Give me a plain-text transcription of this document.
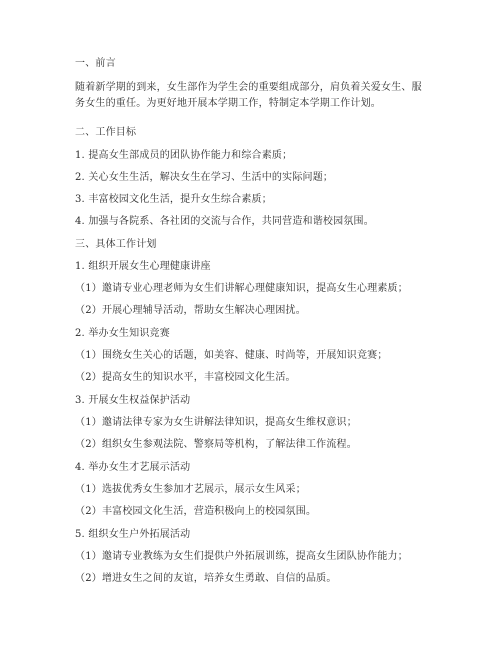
一、前言
随着新学期的到来，女生部作为学生会的重要组成部分，肩负着关爱女生、服务女生的重任。为更好地开展本学期工作，特制定本学期工作计划。
二、工作目标
1. 提高女生部成员的团队协作能力和综合素质；
2. 关心女生生活，解决女生在学习、生活中的实际问题；
3. 丰富校园文化生活，提升女生综合素质；
4. 加强与各院系、各社团的交流与合作，共同营造和谐校园氛围。
三、具体工作计划
1. 组织开展女生心理健康讲座
（1）邀请专业心理老师为女生们讲解心理健康知识，提高女生心理素质；
（2）开展心理辅导活动，帮助女生解决心理困扰。
2. 举办女生知识竞赛
（1）围绕女生关心的话题，如美容、健康、时尚等，开展知识竞赛；
（2）提高女生的知识水平，丰富校园文化生活。
3. 开展女生权益保护活动
（1）邀请法律专家为女生讲解法律知识，提高女生维权意识；
（2）组织女生参观法院、警察局等机构，了解法律工作流程。
4. 举办女生才艺展示活动
（1）选拔优秀女生参加才艺展示，展示女生风采；
（2）丰富校园文化生活，营造积极向上的校园氛围。
5. 组织女生户外拓展活动
（1）邀请专业教练为女生们提供户外拓展训练，提高女生团队协作能力；
（2）增进女生之间的友谊，培养女生勇敢、自信的品质。
